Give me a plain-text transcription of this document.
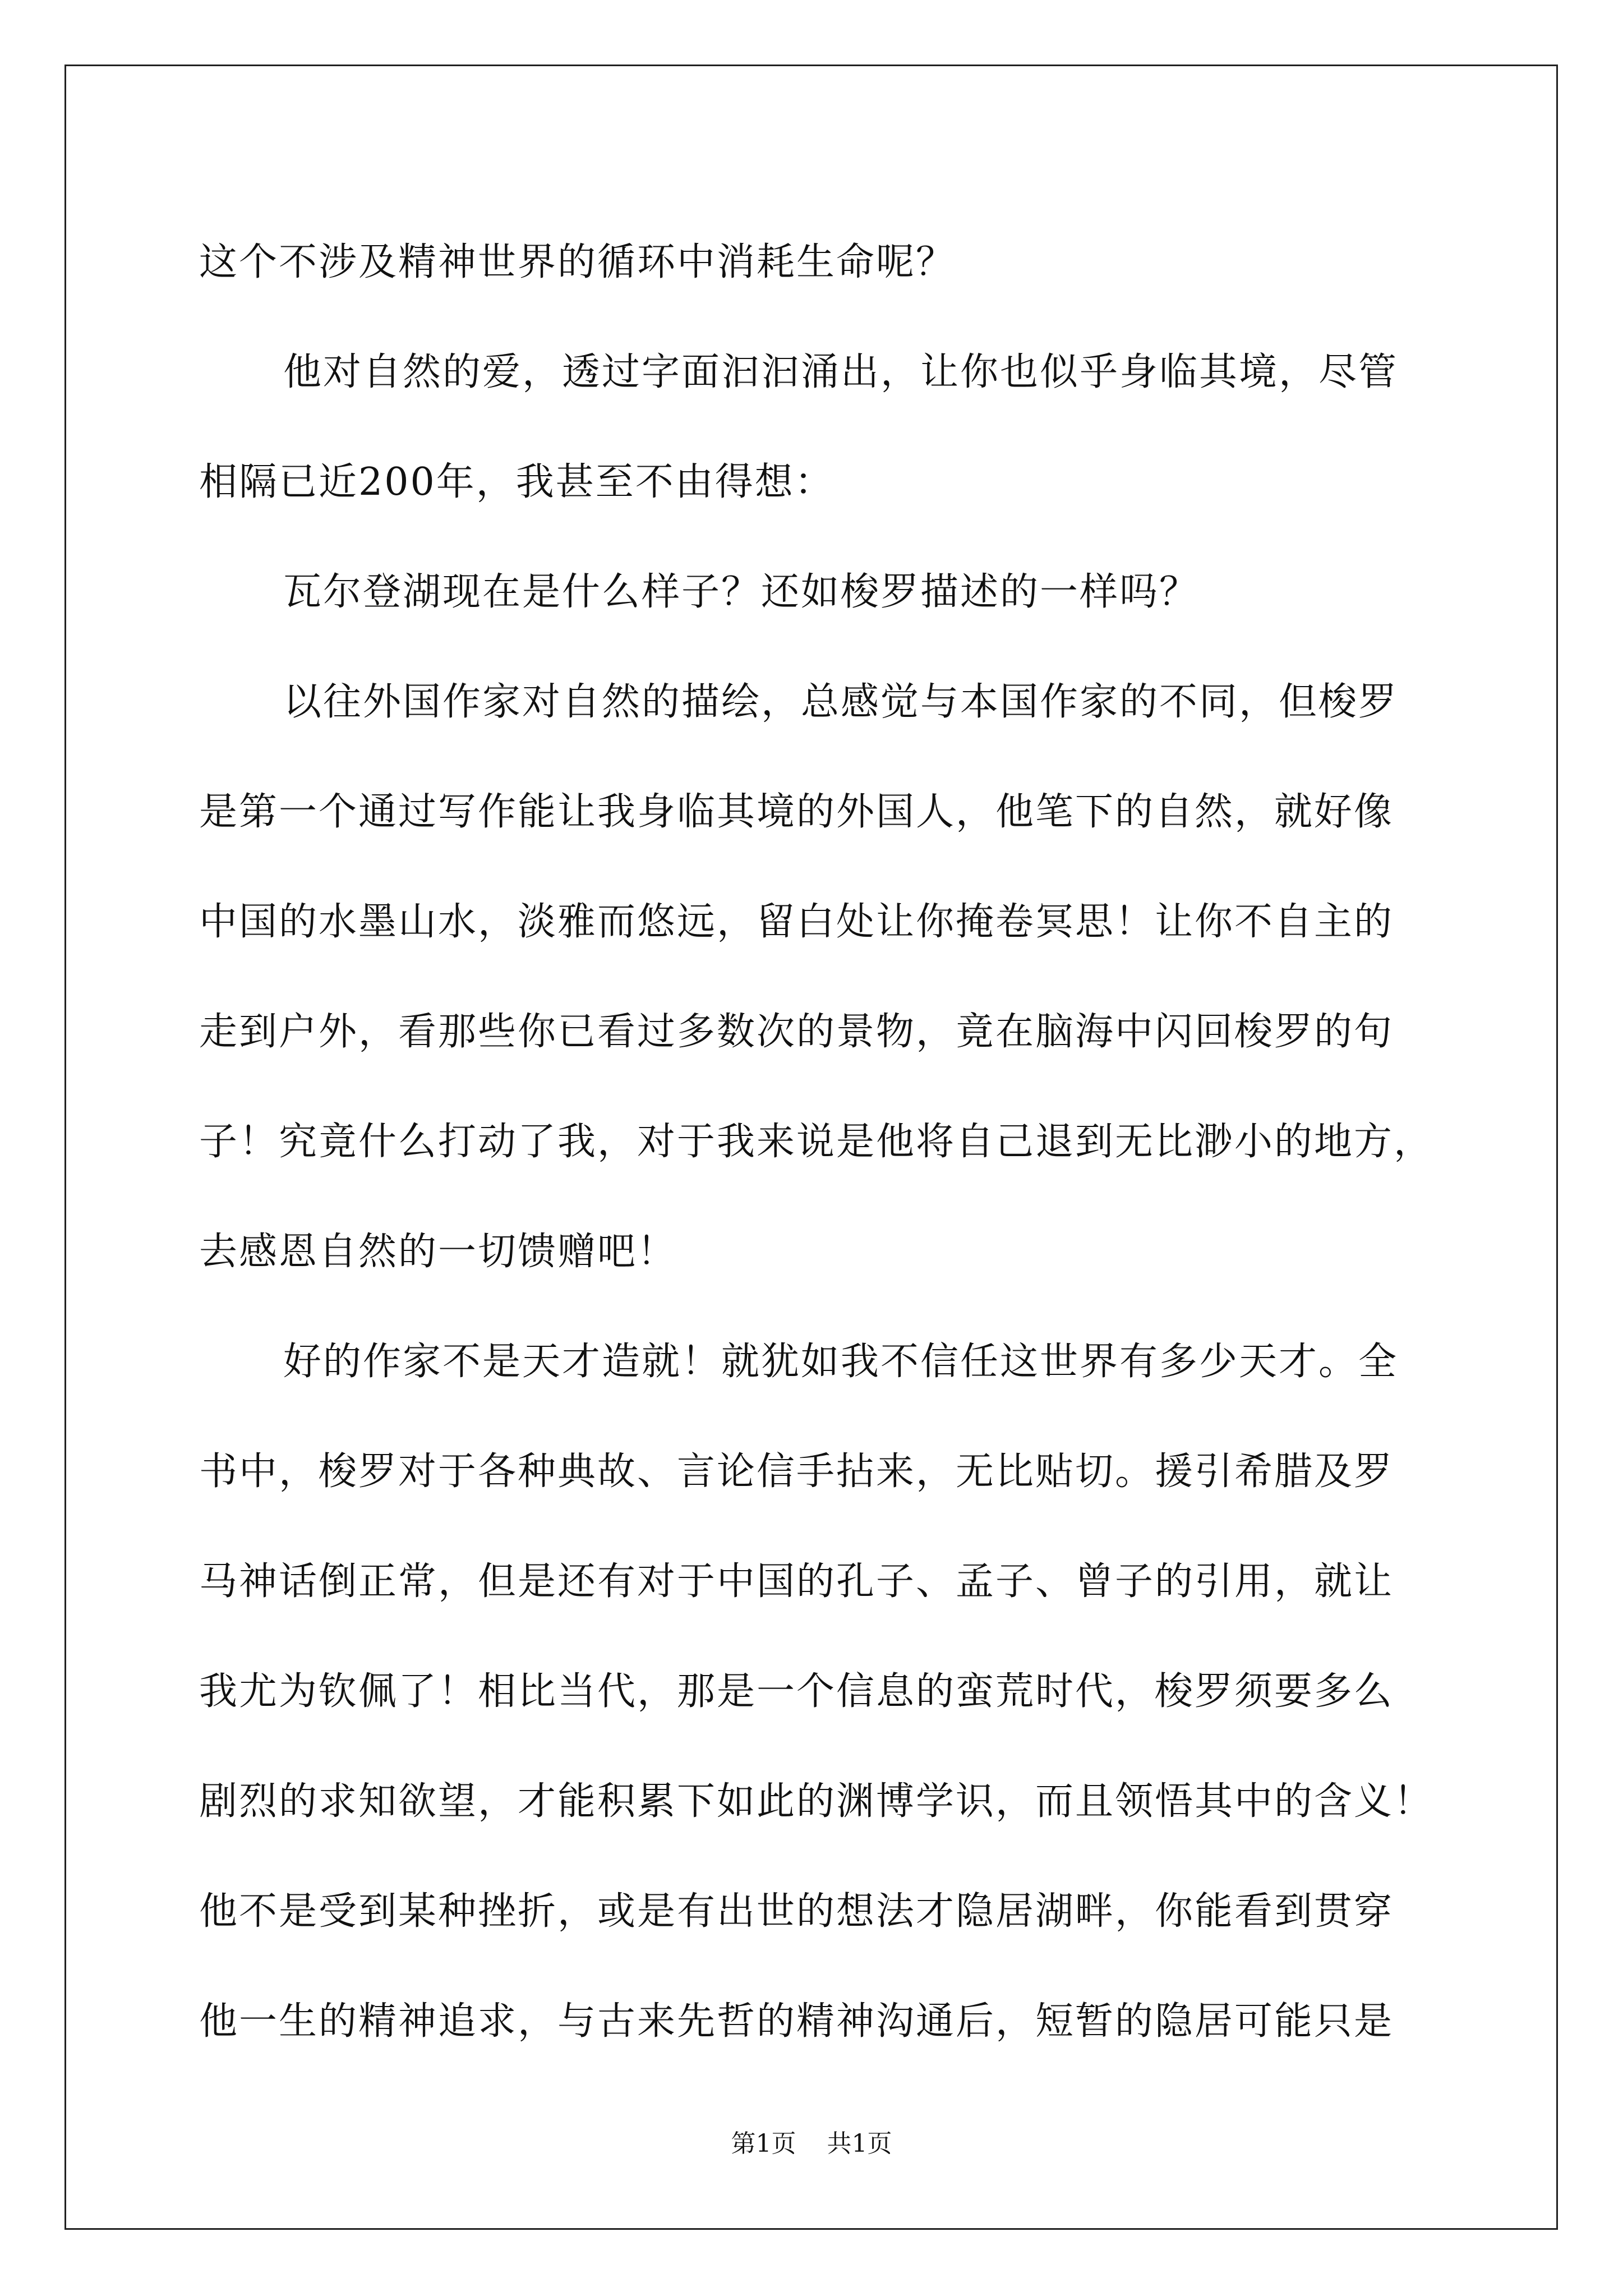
这个不涉及精神世界的循环中消耗生命呢？
他对自然的爱，透过字面汩汩涌出，让你也似乎身临其境，尽管
相隔已近200年，我甚至不由得想：
瓦尔登湖现在是什么样子？还如梭罗描述的一样吗？
以往外国作家对自然的描绘，总感觉与本国作家的不同，但梭罗
是第一个通过写作能让我身临其境的外国人，他笔下的自然，就好像
中国的水墨山水，淡雅而悠远，留白处让你掩卷冥思！让你不自主的
走到户外，看那些你已看过多数次的景物，竟在脑海中闪回梭罗的句
子！究竟什么打动了我，对于我来说是他将自己退到无比渺小的地方，
去感恩自然的一切馈赠吧！
好的作家不是天才造就！就犹如我不信任这世界有多少天才。全
书中，梭罗对于各种典故、言论信手拈来，无比贴切。援引希腊及罗
马神话倒正常，但是还有对于中国的孔子、孟子、曾子的引用，就让
我尤为钦佩了！相比当代，那是一个信息的蛮荒时代，梭罗须要多么
剧烈的求知欲望，才能积累下如此的渊博学识，而且领悟其中的含义！
他不是受到某种挫折，或是有出世的想法才隐居湖畔，你能看到贯穿
他一生的精神追求，与古来先哲的精神沟通后，短暂的隐居可能只是
第1页 共1页
